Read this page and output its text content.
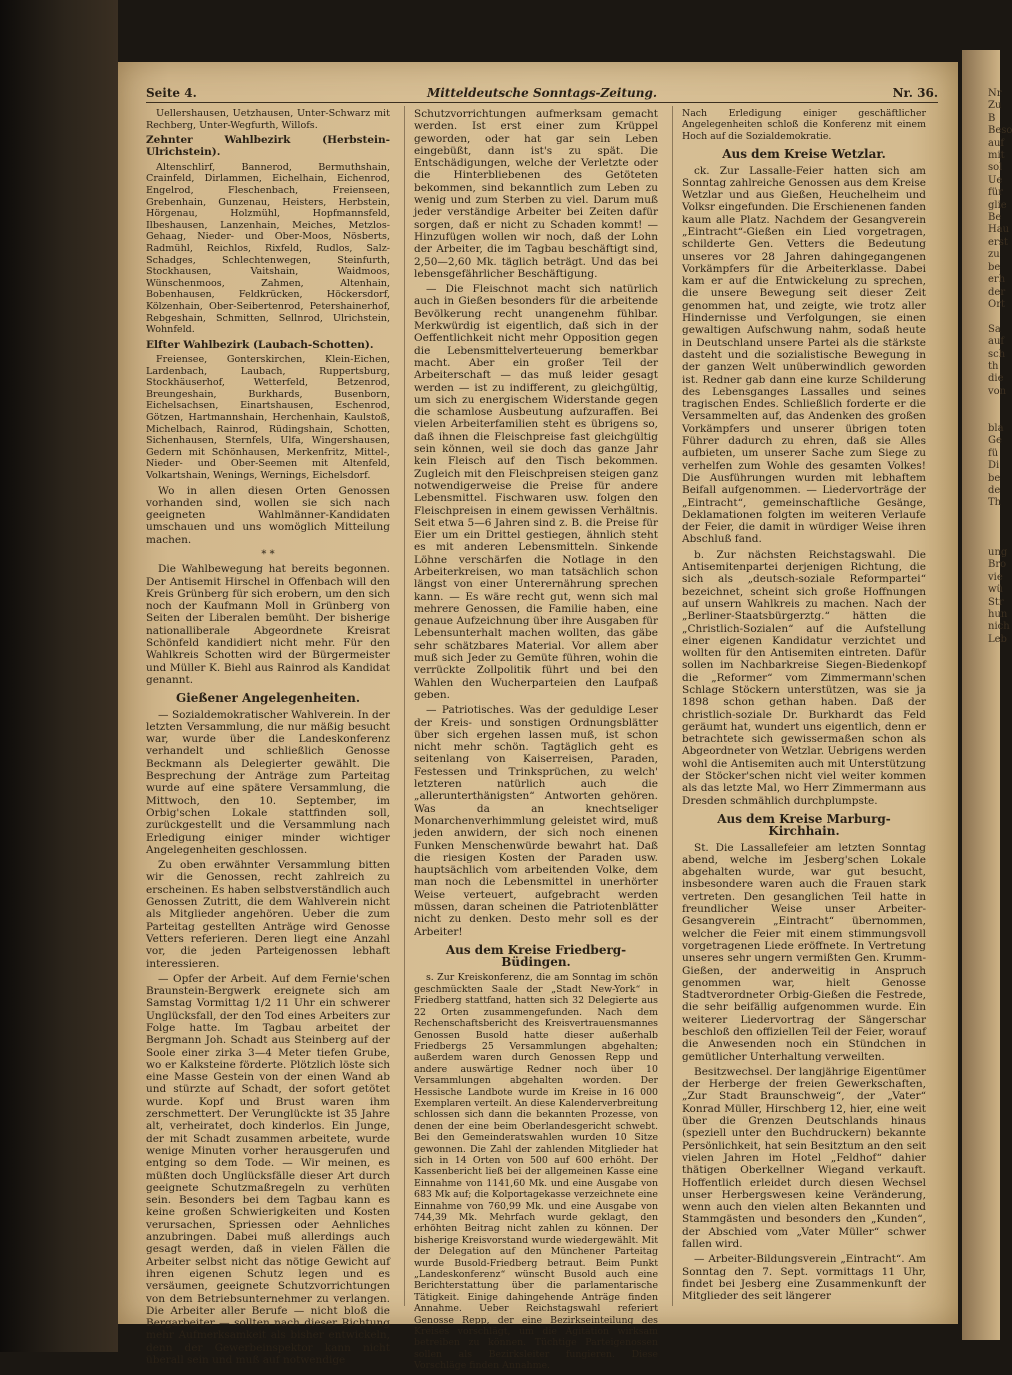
Nr
Zu
B
Beso
auf
mit
sol
Ue
für
glie
Be
Hau
erst
zu
be
erh
der
Ort

Sa
auf
sch
th
die
von

bla
Ge
fü
Di
be
de
Th

ung
Bro
vie
wü
Str
hun
nich
Leb
Seite 4.	Mitteldeutsche Sonntags-Zeitung.	Nr. 36.

Uellershausen, Uetzhausen, Unter-Schwarz mit Rechberg, Unter-Wegfurth, Willofs.

Zehnter Wahlbezirk (Herbstein-Ulrichstein).

Altenschlirf, Bannerod, Bermuthshain, Crainfeld, Dirlammen, Eichelhain, Eichenrod, Engelrod, Fleschenbach, Freienseen, Grebenhain, Gunzenau, Heisters, Herbstein, Hörgenau, Holzmühl, Hopfmannsfeld, Ilbeshausen, Lanzenhain, Meiches, Metzlos-Gehaag, Nieder- und Ober-Moos, Nösberts, Radmühl, Reichlos, Rixfeld, Rudlos, Salz-Schadges, Schlechtenwegen, Steinfurth, Stockhausen, Vaitshain, Waidmoos, Wünschenmoos, Zahmen, Altenhain, Bobenhausen, Feldkrücken, Höckersdorf, Kölzenhain, Ober-Seibertenrod, Petershainerhof, Rebgeshain, Schmitten, Sellnrod, Ulrichstein, Wohnfeld.

Elfter Wahlbezirk (Laubach-Schotten).

Freiensee, Gonterskirchen, Klein-Eichen, Lardenbach, Laubach, Ruppertsburg, Stockhäuserhof, Wetterfeld, Betzenrod, Breungeshain, Burkhards, Busenborn, Eichelsachsen, Einartshausen, Eschenrod, Götzen, Hartmannshain, Herchenhain, Kaulstoß, Michelbach, Rainrod, Rüdingshain, Schotten, Sichenhausen, Sternfels, Ulfa, Wingershausen, Gedern mit Schönhausen, Merkenfritz, Mittel-, Nieder- und Ober-Seemen mit Altenfeld, Volkartshain, Wenings, Wernings, Eichelsdorf.

Wo in allen diesen Orten Genossen vorhanden sind, wollen sie sich nach geeigneten Wahlmänner-Kandidaten umschauen und uns womöglich Mitteilung machen.

* *

Die Wahlbewegung hat bereits begonnen. Der Antisemit Hirschel in Offenbach will den Kreis Grünberg für sich erobern, um den sich noch der Kaufmann Moll in Grünberg von Seiten der Liberalen bemüht. Der bisherige nationalliberale Abgeordnete Kreisrat Schönfeld kandidiert nicht mehr. Für den Wahlkreis Schotten wird der Bürgermeister und Müller K. Biehl aus Rainrod als Kandidat genannt.

Gießener Angelegenheiten.

— Sozialdemokratischer Wahlverein. In der letzten Versammlung, die nur mäßig besucht war, wurde über die Landeskonferenz verhandelt und schließlich Genosse Beckmann als Delegierter gewählt. Die Besprechung der Anträge zum Parteitag wurde auf eine spätere Versammlung, die Mittwoch, den 10. September, im Orbig'schen Lokale stattfinden soll, zurückgestellt und die Versammlung nach Erledigung einiger minder wichtiger Angelegenheiten geschlossen.

Zu oben erwähnter Versammlung bitten wir die Genossen, recht zahlreich zu erscheinen. Es haben selbstverständlich auch Genossen Zutritt, die dem Wahlverein nicht als Mitglieder angehören. Ueber die zum Parteitag gestellten Anträge wird Genosse Vetters referieren. Deren liegt eine Anzahl vor, die jeden Parteigenossen lebhaft interessieren.

— Opfer der Arbeit. Auf dem Fernie'schen Braunstein-Bergwerk ereignete sich am Samstag Vormittag 1/2 11 Uhr ein schwerer Unglücksfall, der den Tod eines Arbeiters zur Folge hatte. Im Tagbau arbeitet der Bergmann Joh. Schadt aus Steinberg auf der Soole einer zirka 3—4 Meter tiefen Grube, wo er Kalksteine förderte. Plötzlich löste sich eine Masse Gestein von der einen Wand ab und stürzte auf Schadt, der sofort getötet wurde. Kopf und Brust waren ihm zerschmettert. Der Verunglückte ist 35 Jahre alt, verheiratet, doch kinderlos. Ein Junge, der mit Schadt zusammen arbeitete, wurde wenige Minuten vorher herausgerufen und entging so dem Tode. — Wir meinen, es müßten doch Unglücksfälle dieser Art durch geeignete Schutzmaßregeln zu verhüten sein. Besonders bei dem Tagbau kann es keine großen Schwierigkeiten und Kosten verursachen, Spriessen oder Aehnliches anzubringen. Dabei muß allerdings auch gesagt werden, daß in vielen Fällen die Arbeiter selbst nicht das nötige Gewicht auf ihren eigenen Schutz legen und es versäumen, geeignete Schutzvorrichtungen von dem Betriebsunternehmer zu verlangen. Die Arbeiter aller Berufe — nicht bloß die Bergarbeiter — sollten nach dieser Richtung mehr Aufmerksamkeit als bisher entwickeln, denn der Gewerbeinspektor kann nicht überall sein und muß auf notwendige

Schutzvorrichtungen aufmerksam gemacht werden. Ist erst einer zum Krüppel geworden, oder hat gar sein Leben eingebüßt, dann ist's zu spät. Die Entschädigungen, welche der Verletzte oder die Hinterbliebenen des Getöteten bekommen, sind bekanntlich zum Leben zu wenig und zum Sterben zu viel. Darum muß jeder verständige Arbeiter bei Zeiten dafür sorgen, daß er nicht zu Schaden kommt! — Hinzufügen wollen wir noch, daß der Lohn der Arbeiter, die im Tagbau beschäftigt sind, 2,50—2,60 Mk. täglich beträgt. Und das bei lebensgefährlicher Beschäftigung.

— Die Fleischnot macht sich natürlich auch in Gießen besonders für die arbeitende Bevölkerung recht unangenehm fühlbar. Merkwürdig ist eigentlich, daß sich in der Oeffentlichkeit nicht mehr Opposition gegen die Lebensmittelverteuerung bemerkbar macht. Aber ein großer Teil der Arbeiterschaft — das muß leider gesagt werden — ist zu indifferent, zu gleichgültig, um sich zu energischem Widerstande gegen die schamlose Ausbeutung aufzuraffen. Bei vielen Arbeiterfamilien steht es übrigens so, daß ihnen die Fleischpreise fast gleichgültig sein können, weil sie doch das ganze Jahr kein Fleisch auf den Tisch bekommen. Zugleich mit den Fleischpreisen steigen ganz notwendigerweise die Preise für andere Lebensmittel. Fischwaren usw. folgen den Fleischpreisen in einem gewissen Verhältnis. Seit etwa 5—6 Jahren sind z. B. die Preise für Eier um ein Drittel gestiegen, ähnlich steht es mit anderen Lebensmitteln. Sinkende Löhne verschärfen die Notlage in den Arbeiterkreisen, wo man tatsächlich schon längst von einer Unterernährung sprechen kann. — Es wäre recht gut, wenn sich mal mehrere Genossen, die Familie haben, eine genaue Aufzeichnung über ihre Ausgaben für Lebensunterhalt machen wollten, das gäbe sehr schätzbares Material. Vor allem aber muß sich Jeder zu Gemüte führen, wohin die verrückte Zollpolitik führt und bei den Wahlen den Wucherparteien den Laufpaß geben.

— Patriotisches. Was der geduldige Leser der Kreis- und sonstigen Ordnungsblätter über sich ergehen lassen muß, ist schon nicht mehr schön. Tagtäglich geht es seitenlang von Kaiserreisen, Paraden, Festessen und Trinksprüchen, zu welch' letzteren natürlich auch die „allerunterthänigsten“ Antworten gehören. Was da an knechtseliger Monarchenverhimmlung geleistet wird, muß jeden anwidern, der sich noch einenen Funken Menschenwürde bewahrt hat. Daß die riesigen Kosten der Paraden usw. hauptsächlich vom arbeitenden Volke, dem man noch die Lebensmittel in unerhörter Weise verteuert, aufgebracht werden müssen, daran scheinen die Patriotenblätter nicht zu denken. Desto mehr soll es der Arbeiter!

Aus dem Kreise Friedberg-Büdingen.

s. Zur Kreiskonferenz, die am Sonntag im schön geschmückten Saale der „Stadt New-York“ in Friedberg stattfand, hatten sich 32 Delegierte aus 22 Orten zusammengefunden. Nach dem Rechenschaftsbericht des Kreisvertrauensmannes Genossen Busold hatte dieser außerhalb Friedbergs 25 Versammlungen abgehalten; außerdem waren durch Genossen Repp und andere auswärtige Redner noch über 10 Versammlungen abgehalten worden. Der Hessische Landbote wurde im Kreise in 16 000 Exemplaren verteilt. An diese Kalenderverbreitung schlossen sich dann die bekannten Prozesse, von denen der eine beim Oberlandesgericht schwebt. Bei den Gemeinderatswahlen wurden 10 Sitze gewonnen. Die Zahl der zahlenden Mitglieder hat sich in 14 Orten von 500 auf 600 erhöht. Der Kassenbericht ließ bei der allgemeinen Kasse eine Einnahme von 1141,60 Mk. und eine Ausgabe von 683 Mk auf; die Kolportagekasse verzeichnete eine Einnahme von 760,99 Mk. und eine Ausgabe von 744,39 Mk. Mehrfach wurde geklagt, den erhöhten Beitrag nicht zahlen zu können. Der bisherige Kreisvorstand wurde wiedergewählt. Mit der Delegation auf den Münchener Parteitag wurde Busold-Friedberg betraut. Beim Punkt „Landeskonferenz“ wünscht Busold auch eine Berichterstattung über die parlamentarische Tätigkeit. Einige dahingehende Anträge finden Annahme. Ueber Reichstagswahl referiert Genosse Repp, der eine Bezirkseinteilung des Kreises vorschlägt, um die Agitation wirksam betreiben zu können. Tüchtige Parteigenossen sollen als Bezirksleiter fungieren. Diese Vorschläge finden Annahme.

Nach Erledigung einiger geschäftlicher Angelegenheiten schloß die Konferenz mit einem Hoch auf die Sozialdemokratie.

Aus dem Kreise Wetzlar.

ck. Zur Lassalle-Feier hatten sich am Sonntag zahlreiche Genossen aus dem Kreise Wetzlar und aus Gießen, Heuchelheim und Volksr eingefunden. Die Erschienenen fanden kaum alle Platz. Nachdem der Gesangverein „Eintracht“-Gießen ein Lied vorgetragen, schilderte Gen. Vetters die Bedeutung unseres vor 28 Jahren dahingegangenen Vorkämpfers für die Arbeiterklasse. Dabei kam er auf die Entwickelung zu sprechen, die unsere Bewegung seit dieser Zeit genommen hat, und zeigte, wie trotz aller Hindernisse und Verfolgungen, sie einen gewaltigen Aufschwung nahm, sodaß heute in Deutschland unsere Partei als die stärkste dasteht und die sozialistische Bewegung in der ganzen Welt unüberwindlich geworden ist. Redner gab dann eine kurze Schilderung des Lebensganges Lassalles und seines tragischen Endes. Schließlich forderte er die Versammelten auf, das Andenken des großen Vorkämpfers und unserer übrigen toten Führer dadurch zu ehren, daß sie Alles aufbieten, um unserer Sache zum Siege zu verhelfen zum Wohle des gesamten Volkes! Die Ausführungen wurden mit lebhaftem Beifall aufgenommen. — Liedervorträge der „Eintracht“, gemeinschaftliche Gesänge, Deklamationen folgten im weiteren Verlaufe der Feier, die damit in würdiger Weise ihren Abschluß fand.

b. Zur nächsten Reichstagswahl. Die Antisemitenpartei derjenigen Richtung, die sich als „deutsch-soziale Reformpartei“ bezeichnet, scheint sich große Hoffnungen auf unsern Wahlkreis zu machen. Nach der „Berliner-Staatsbürgerztg.“ hätten die „Christlich-Sozialen“ auf die Aufstellung einer eigenen Kandidatur verzichtet und wollten für den Antisemiten eintreten. Dafür sollen im Nachbarkreise Siegen-Biedenkopf die „Reformer“ vom Zimmermann'schen Schlage Stöckern unterstützen, was sie ja 1898 schon gethan haben. Daß der christlich-soziale Dr. Burkhardt das Feld geräumt hat, wundert uns eigentlich, denn er betrachtete sich gewissermaßen schon als Abgeordneter von Wetzlar. Uebrigens werden wohl die Antisemiten auch mit Unterstützung der Stöcker'schen nicht viel weiter kommen als das letzte Mal, wo Herr Zimmermann aus Dresden schmählich durchplumpste.

Aus dem Kreise Marburg-Kirchhain.

St. Die Lassallefeier am letzten Sonntag abend, welche im Jesberg'schen Lokale abgehalten wurde, war gut besucht, insbesondere waren auch die Frauen stark vertreten. Den gesanglichen Teil hatte in freundlicher Weise unser Arbeiter-Gesangverein „Eintracht“ übernommen, welcher die Feier mit einem stimmungsvoll vorgetragenen Liede eröffnete. In Vertretung unseres sehr ungern vermißten Gen. Krumm-Gießen, der anderweitig in Anspruch genommen war, hielt Genosse Stadtverordneter Orbig-Gießen die Festrede, die sehr beifällig aufgenommen wurde. Ein weiterer Liedervortrag der Sängerschar beschloß den offiziellen Teil der Feier, worauf die Anwesenden noch ein Stündchen in gemütlicher Unterhaltung verweilten.

Besitzwechsel. Der langjährige Eigentümer der Herberge der freien Gewerkschaften, „Zur Stadt Braunschweig“, der „Vater“ Konrad Müller, Hirschberg 12, hier, eine weit über die Grenzen Deutschlands hinaus (speziell unter den Buchdruckern) bekannte Persönlichkeit, hat sein Besitztum an den seit vielen Jahren im Hotel „Feldhof“ dahier thätigen Oberkellner Wiegand verkauft. Hoffentlich erleidet durch diesen Wechsel unser Herbergswesen keine Veränderung, wenn auch den vielen alten Bekannten und Stammgästen und besonders den „Kunden“, der Abschied vom „Vater Müller“ schwer fallen wird.

— Arbeiter-Bildungsverein „Eintracht“. Am Sonntag den 7. Sept. vormittags 11 Uhr, findet bei Jesberg eine Zusammenkunft der Mitglieder des seit längerer
